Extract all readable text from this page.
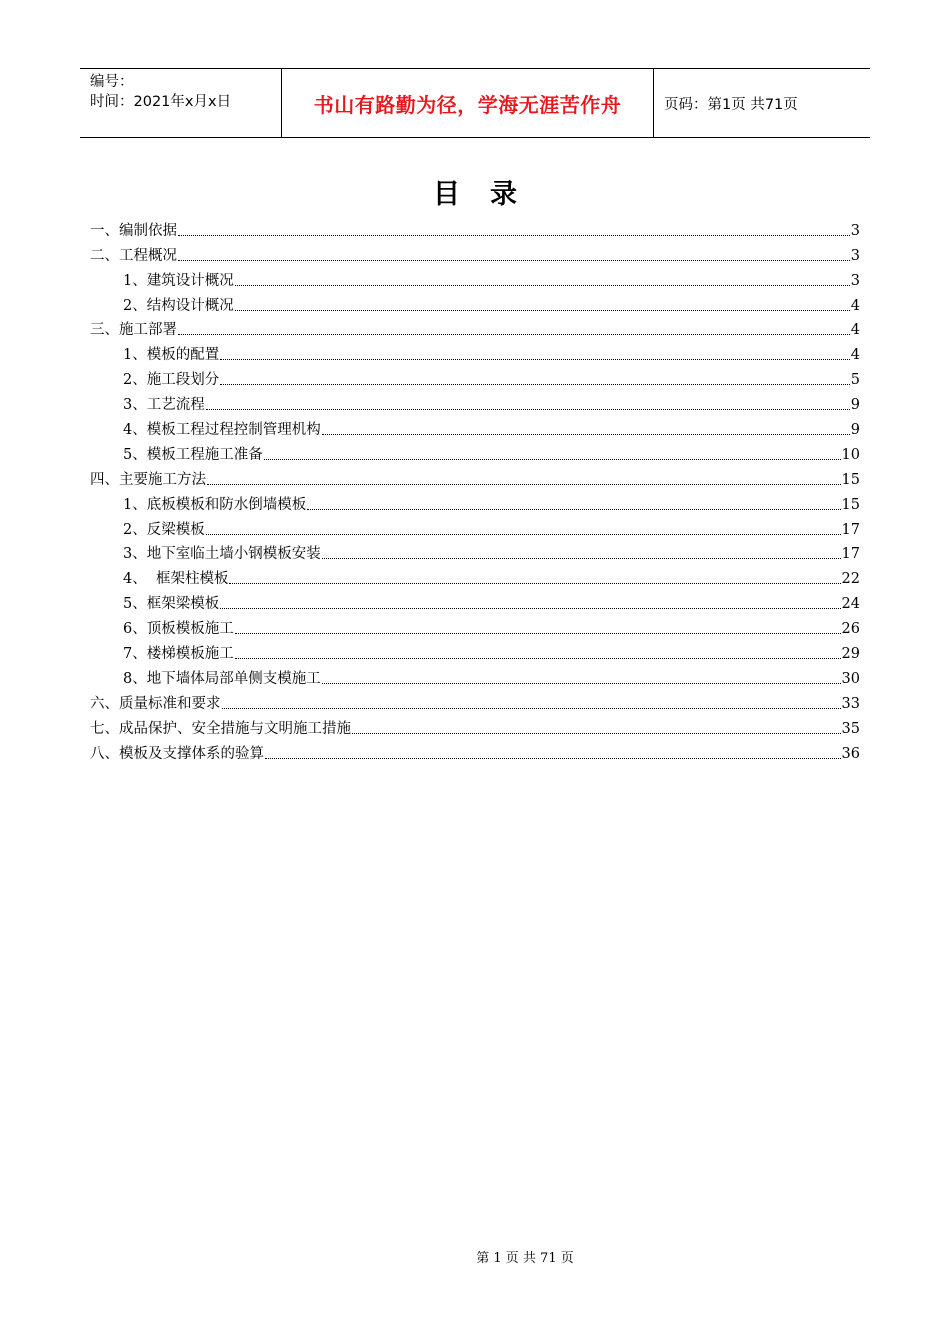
编号：
时间：2021年x月x日	书山有路勤为径，学海无涯苦作舟	页码：第1页 共71页
目录
一、编制依据	3
二、工程概况	3
1、建筑设计概况	3
2、结构设计概况	4
三、施工部署	4
1、模板的配置	4
2、施工段划分	5
3、工艺流程	9
4、模板工程过程控制管理机构	9
5、模板工程施工准备	10
四、主要施工方法	15
1、底板模板和防水倒墙模板	15
2、反梁模板	17
3、地下室临土墙小钢模板安装	17
4、  框架柱模板	22
5、框架梁模板	24
6、顶板模板施工	26
7、楼梯模板施工	29
8、地下墙体局部单侧支模施工	30
六、质量标准和要求	33
七、成品保护、安全措施与文明施工措施	35
八、模板及支撑体系的验算	36
第 1 页 共 71 页
